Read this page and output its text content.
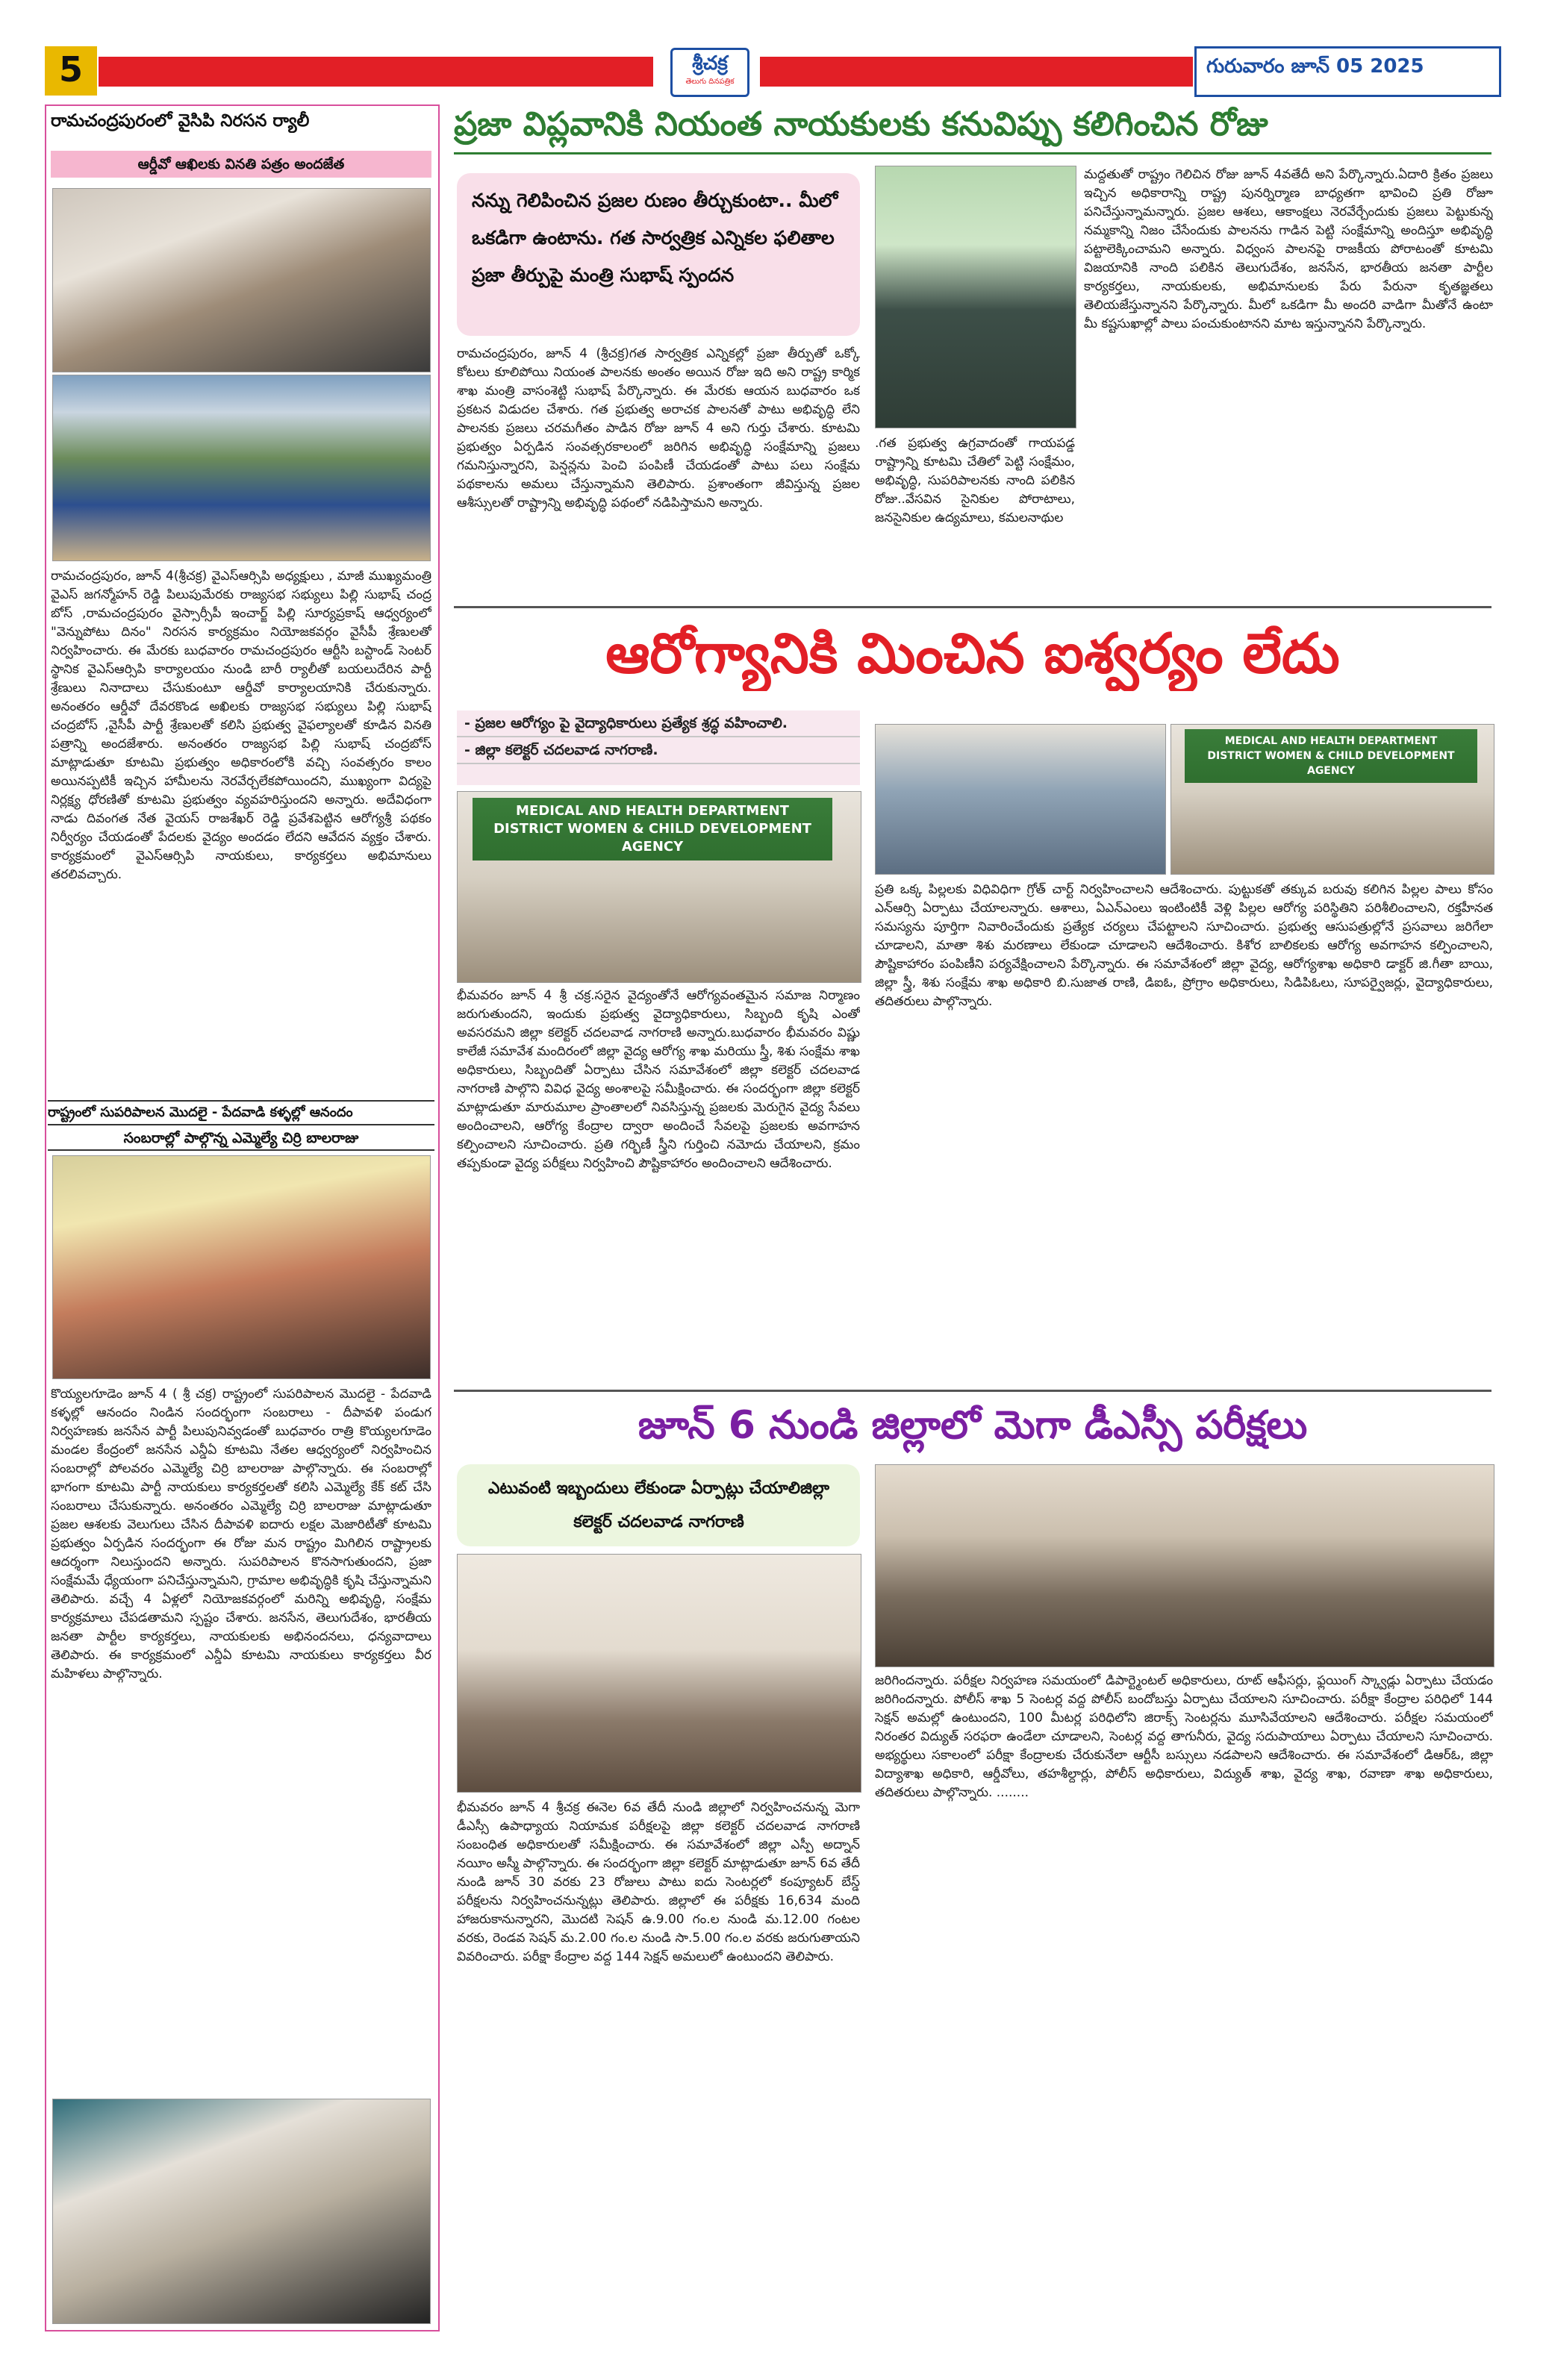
5	శ్రీచక్ర
తెలుగు దినపత్రిక
గురువారం జూన్ 05 2025
రామచంద్రపురంలో వైసిపి నిరసన ర్యాలీ
ఆర్డీవో ఆఖిలకు వినతి పత్రం అందజేత
రామచంద్రపురం, జూన్ 4(శ్రీచక్ర) వైఎస్ఆర్సిపి అధ్యక్షులు , మాజీ ముఖ్యమంత్రి వైఎస్ జగన్మోహన్ రెడ్డి పిలుపుమేరకు రాజ్యసభ సభ్యులు పిల్లి సుభాష్ చంద్ర బోస్ ,రామచంద్రపురం వైస్సార్సీపీ ఇంచార్జ్ పిల్లి సూర్యప్రకాష్ ఆధ్వర్యంలో "వెన్నుపోటు దినం" నిరసన కార్యక్రమం నియోజకవర్గం వైసీపీ శ్రేణులతో నిర్వహించారు. ఈ మేరకు బుధవారం రామచంద్రపురం ఆర్టీసి బస్టాండ్ సెంటర్ స్థానిక వైఎస్ఆర్సిపి కార్యాలయం నుండి బారీ ర్యాలీతో బయలుదేరిన పార్టీ శ్రేణులు నినాదాలు చేసుకుంటూ ఆర్డీవో కార్యాలయానికి చేరుకున్నారు. అనంతరం ఆర్డీవో దేవరకొండ అఖిలకు రాజ్యసభ సభ్యులు పిల్లి సుభాష్ చంద్రబోస్ ,వైసీపీ పార్టీ శ్రేణులతో కలిసి ప్రభుత్వ వైఫల్యాలతో కూడిన వినతి పత్రాన్ని అందజేశారు. అనంతరం రాజ్యసభ పిల్లి సుభాష్ చంద్రబోస్ మాట్లాడుతూ కూటమి ప్రభుత్వం అధికారంలోకి వచ్చి సంవత్సరం కాలం అయినప్పటికీ ఇచ్చిన హామీలను నెరవేర్చలేకపోయిందని, ముఖ్యంగా విద్యపై నిర్లక్ష్య ధోరణితో కూటమి ప్రభుత్వం వ్యవహరిస్తుందని అన్నారు. అదేవిధంగా నాడు దివంగత నేత వైయస్ రాజశేఖర్ రెడ్డి ప్రవేశపెట్టిన ఆరోగ్యశ్రీ పథకం నిర్వీర్యం చేయడంతో పేదలకు వైద్యం అందడం లేదని ఆవేదన వ్యక్తం చేశారు. కార్యక్రమంలో వైఎస్ఆర్సిపి నాయకులు, కార్యకర్తలు అభిమానులు తరలివచ్చారు.
రాష్ట్రంలో సుపరిపాలన మొదలై - పేదవాడి కళ్ళల్లో ఆనందం
సంబరాల్లో పాల్గొన్న ఎమ్మెల్యే చిర్రి బాలరాజు
కొయ్యలగూడెం జూన్ 4 ( శ్రీ చక్ర) రాష్ట్రంలో సుపరిపాలన మొదలై - పేదవాడి కళ్ళల్లో ఆనందం నిండిన సందర్భంగా సంబరాలు - దీపావళి పండుగ నిర్వహణకు జనసేన పార్టీ పిలుపునివ్వడంతో బుధవారం రాత్రి కొయ్యలగూడెం మండల కేంద్రంలో జనసేన ఎన్డీఏ కూటమి నేతల ఆధ్వర్యంలో నిర్వహించిన సంబరాల్లో పోలవరం ఎమ్మెల్యే చిర్రి బాలరాజు పాల్గొన్నారు. ఈ సంబరాల్లో భాగంగా కూటమి పార్టీ నాయకులు కార్యకర్తలతో కలిసి ఎమ్మెల్యే కేక్ కట్ చేసి సంబరాలు చేసుకున్నారు. అనంతరం ఎమ్మెల్యే చిర్రి బాలరాజు మాట్లాడుతూ ప్రజల ఆశలకు వెలుగులు చేసిన దీపావళి ఐదారు లక్షల మెజారిటీతో కూటమి ప్రభుత్వం ఏర్పడిన సందర్భంగా ఈ రోజు మన రాష్ట్రం మిగిలిన రాష్ట్రాలకు ఆదర్శంగా నిలుస్తుందని అన్నారు. సుపరిపాలన కొనసాగుతుందని, ప్రజా సంక్షేమమే ధ్యేయంగా పనిచేస్తున్నామని, గ్రామాల అభివృద్ధికి కృషి చేస్తున్నామని తెలిపారు. వచ్చే 4 ఏళ్లలో నియోజకవర్గంలో మరిన్ని అభివృద్ధి, సంక్షేమ కార్యక్రమాలు చేపడతామని స్పష్టం చేశారు. జనసేన, తెలుగుదేశం, భారతీయ జనతా పార్టీల కార్యకర్తలు, నాయకులకు అభినందనలు, ధన్యవాదాలు తెలిపారు. ఈ కార్యక్రమంలో ఎన్డీఏ కూటమి నాయకులు కార్యకర్తలు వీర మహిళలు పాల్గొన్నారు.
ప్రజా విప్లవానికి నియంత నాయకులకు కనువిప్పు కలిగించిన రోజు
నన్ను గెలిపించిన ప్రజల రుణం తీర్చుకుంటా.. మీలో ఒకడిగా ఉంటాను. గత సార్వత్రిక ఎన్నికల ఫలితాల ప్రజా తీర్పుపై మంత్రి సుభాష్ స్పందన
రామచంద్రపురం, జూన్ 4 (శ్రీచక్ర)గత సార్వత్రిక ఎన్నికల్లో ప్రజా తీర్పుతో ఒక్కో కోటలు కూలిపోయి నియంత పాలనకు అంతం అయిన రోజు ఇది అని రాష్ట్ర కార్మిక శాఖ మంత్రి వాసంశెట్టి సుభాష్ పేర్కొన్నారు. ఈ మేరకు ఆయన బుధవారం ఒక ప్రకటన విడుదల చేశారు. గత ప్రభుత్వ అరాచక పాలనతో పాటు అభివృద్ధి లేని పాలనకు ప్రజలు చరమగీతం పాడిన రోజు జూన్ 4 అని గుర్తు చేశారు. కూటమి ప్రభుత్వం ఏర్పడిన సంవత్సరకాలంలో జరిగిన అభివృద్ధి సంక్షేమాన్ని ప్రజలు గమనిస్తున్నారని, పెన్షన్లను పెంచి పంపిణీ చేయడంతో పాటు పలు సంక్షేమ పథకాలను అమలు చేస్తున్నామని తెలిపారు. ప్రశాంతంగా జీవిస్తున్న ప్రజల ఆశీస్సులతో రాష్ట్రాన్ని అభివృద్ధి పథంలో నడిపిస్తామని అన్నారు.
.గత ప్రభుత్వ ఉగ్రవాదంతో గాయపడ్డ రాష్ట్రాన్ని కూటమి చేతిలో పెట్టి సంక్షేమం, అభివృద్ధి, సుపరిపాలనకు నాంది పలికిన రోజు..వేసవిన సైనికుల పోరాటాలు, జనసైనికుల ఉద్యమాలు, కమలనాథుల
మద్దతుతో రాష్ట్రం గెలిచిన రోజు జూన్ 4వతేదీ అని పేర్కొన్నారు.ఏదారి క్రితం ప్రజలు ఇచ్చిన అధికారాన్ని రాష్ట్ర పునర్నిర్మాణ బాధ్యతగా భావించి ప్రతి రోజూ పనిచేస్తున్నామన్నారు. ప్రజల ఆశలు, ఆకాంక్షలు నెరవేర్చేందుకు ప్రజలు పెట్టుకున్న నమ్మకాన్ని నిజం చేసేందుకు పాలనను గాడిన పెట్టి సంక్షేమాన్ని అందిస్తూ అభివృద్ధి పట్టాలెక్కించామని అన్నారు. విధ్వంస పాలనపై రాజకీయ పోరాటంతో కూటమి విజయానికి నాంది పలికిన తెలుగుదేశం, జనసేన, భారతీయ జనతా పార్టీల కార్యకర్తలు, నాయకులకు, అభిమానులకు పేరు పేరునా కృతజ్ఞతలు తెలియజేస్తున్నానని పేర్కొన్నారు. మీలో ఒకడిగా మీ అందరి వాడిగా మీతోనే ఉంటా మీ కష్టసుఖాల్లో పాలు పంచుకుంటానని మాట ఇస్తున్నానని పేర్కొన్నారు.
ఆరోగ్యానికి మించిన ఐశ్వర్యం లేదు
- ప్రజల ఆరోగ్యం పై వైద్యాధికారులు ప్రత్యేక శ్రద్ధ వహించాలి.
- జిల్లా కలెక్టర్ చదలవాడ నాగరాణి.
MEDICAL AND HEALTH DEPARTMENT
DISTRICT WOMEN & CHILD DEVELOPMENT AGENCY
MEDICAL AND HEALTH DEPARTMENT
DISTRICT WOMEN & CHILD DEVELOPMENT AGENCY
భీమవరం జూన్ 4 శ్రీ చక్ర.సరైన వైద్యంతోనే ఆరోగ్యవంతమైన సమాజ నిర్మాణం జరుగుతుందని, ఇందుకు ప్రభుత్వ వైద్యాధికారులు, సిబ్బంది కృషి ఎంతో అవసరమని జిల్లా కలెక్టర్ చదలవాడ నాగరాణి అన్నారు.బుధవారం భీమవరం విష్ణు కాలేజీ సమావేశ మందిరంలో జిల్లా వైద్య ఆరోగ్య శాఖ మరియు స్త్రీ, శిశు సంక్షేమ శాఖ అధికారులు, సిబ్బందితో ఏర్పాటు చేసిన సమావేశంలో జిల్లా కలెక్టర్ చదలవాడ నాగరాణి పాల్గొని వివిధ వైద్య అంశాలపై సమీక్షించారు. ఈ సందర్భంగా జిల్లా కలెక్టర్ మాట్లాడుతూ మారుమూల ప్రాంతాలలో నివసిస్తున్న ప్రజలకు మెరుగైన వైద్య సేవలు అందించాలని, ఆరోగ్య కేంద్రాల ద్వారా అందించే సేవలపై ప్రజలకు అవగాహన కల్పించాలని సూచించారు. ప్రతి గర్భిణీ స్త్రీని గుర్తించి నమోదు చేయాలని, క్రమం తప్పకుండా వైద్య పరీక్షలు నిర్వహించి పౌష్టికాహారం అందించాలని ఆదేశించారు.
ప్రతి ఒక్క పిల్లలకు విధివిధిగా గ్రోత్ చార్ట్ నిర్వహించాలని ఆదేశించారు. పుట్టుకతో తక్కువ బరువు కలిగిన పిల్లల పాలు కోసం ఎన్ఆర్సి ఏర్పాటు చేయాలన్నారు. ఆశాలు, ఏఎన్ఎంలు ఇంటింటికీ వెళ్లి పిల్లల ఆరోగ్య పరిస్థితిని పరిశీలించాలని, రక్తహీనత సమస్యను పూర్తిగా నివారించేందుకు ప్రత్యేక చర్యలు చేపట్టాలని సూచించారు. ప్రభుత్వ ఆసుపత్రుల్లోనే ప్రసవాలు జరిగేలా చూడాలని, మాతా శిశు మరణాలు లేకుండా చూడాలని ఆదేశించారు. కిశోర బాలికలకు ఆరోగ్య అవగాహన కల్పించాలని, పౌష్టికాహారం పంపిణీని పర్యవేక్షించాలని పేర్కొన్నారు. ఈ సమావేశంలో జిల్లా వైద్య, ఆరోగ్యశాఖ అధికారి డాక్టర్ జి.గీతా బాయి, జిల్లా స్త్రీ, శిశు సంక్షేమ శాఖ అధికారి బి.సుజాత రాణి, డిఐఓ, ప్రోగ్రాం అధికారులు, సిడిపిఓలు, సూపర్వైజర్లు, వైద్యాధికారులు, తదితరులు పాల్గొన్నారు.
జూన్ 6 నుండి జిల్లాలో మెగా డీఎస్సీ పరీక్షలు
ఎటువంటి ఇబ్బందులు లేకుండా ఏర్పాట్లు చేయాలిజిల్లా కలెక్టర్ చదలవాడ నాగరాణి
భీమవరం జూన్ 4 శ్రీచక్ర ఈనెల 6వ తేదీ నుండి జిల్లాలో నిర్వహించనున్న మెగా డీఎస్సీ ఉపాధ్యాయ నియామక పరీక్షలపై జిల్లా కలెక్టర్ చదలవాడ నాగరాణి సంబంధిత అధికారులతో సమీక్షించారు. ఈ సమావేశంలో జిల్లా ఎస్పీ అద్నాన్ నయీం అస్మీ పాల్గొన్నారు. ఈ సందర్భంగా జిల్లా కలెక్టర్ మాట్లాడుతూ జూన్ 6వ తేదీ నుండి జూన్ 30 వరకు 23 రోజులు పాటు ఐదు సెంటర్లలో కంప్యూటర్ బేస్డ్ పరీక్షలను నిర్వహించనున్నట్లు తెలిపారు. జిల్లాలో ఈ పరీక్షకు 16,634 మంది హాజరుకానున్నారని, మొదటి సెషన్ ఉ.9.00 గం.ల నుండి మ.12.00 గంటల వరకు, రెండవ సెషన్ మ.2.00 గం.ల నుండి సా.5.00 గం.ల వరకు జరుగుతాయని వివరించారు. పరీక్షా కేంద్రాల వద్ద 144 సెక్షన్ అమలులో ఉంటుందని తెలిపారు.
జరిగిందన్నారు. పరీక్షల నిర్వహణ సమయంలో డిపార్ట్మెంటల్ అధికారులు, రూట్ ఆఫీసర్లు, ఫ్లయింగ్ స్క్వాడ్లు ఏర్పాటు చేయడం జరిగిందన్నారు. పోలీస్ శాఖ 5 సెంటర్ల వద్ద పోలీస్ బందోబస్తు ఏర్పాటు చేయాలని సూచించారు. పరీక్షా కేంద్రాల పరిధిలో 144 సెక్షన్ అమల్లో ఉంటుందని, 100 మీటర్ల పరిధిలోని జిరాక్స్ సెంటర్లను మూసివేయాలని ఆదేశించారు. పరీక్షల సమయంలో నిరంతర విద్యుత్ సరఫరా ఉండేలా చూడాలని, సెంటర్ల వద్ద తాగునీరు, వైద్య సదుపాయాలు ఏర్పాటు చేయాలని సూచించారు. అభ్యర్థులు సకాలంలో పరీక్షా కేంద్రాలకు చేరుకునేలా ఆర్టీసీ బస్సులు నడపాలని ఆదేశించారు. ఈ సమావేశంలో డిఆర్ఓ, జిల్లా విద్యాశాఖ అధికారి, ఆర్డీవోలు, తహశీల్దార్లు, పోలీస్ అధికారులు, విద్యుత్ శాఖ, వైద్య శాఖ, రవాణా శాఖ అధికారులు, తదితరులు పాల్గొన్నారు. ........
